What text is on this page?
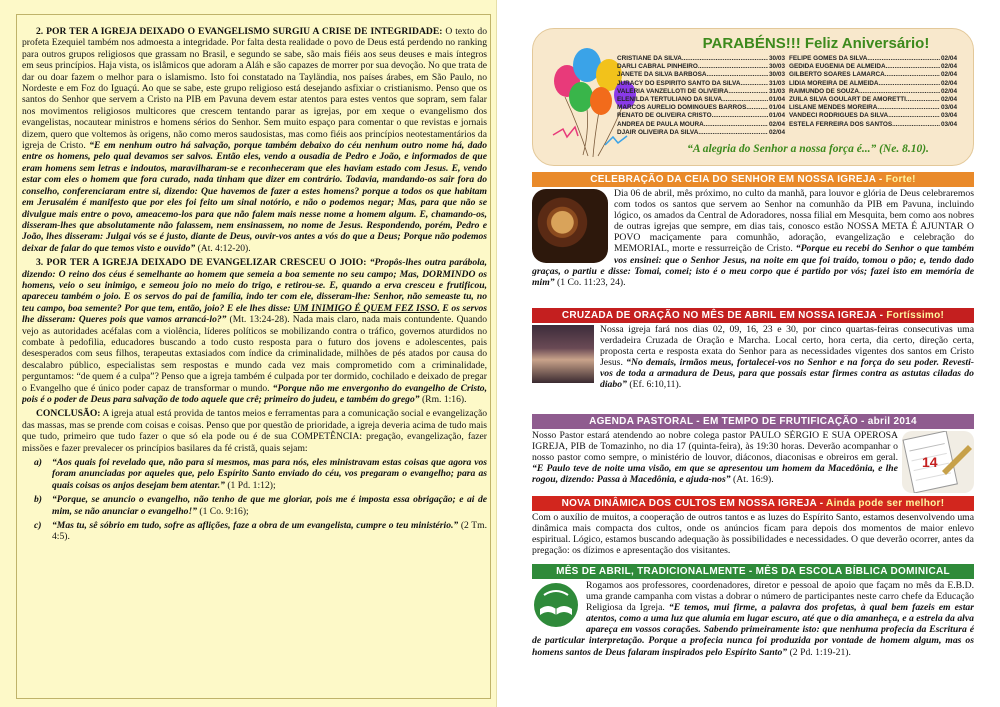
2. POR TER A IGREJA DEIXADO O EVANGELISMO SURGIU A CRISE DE INTEGRIDADE: O texto do profeta Ezequiel também nos admoesta a integridade. Por falta desta realidade o povo de Deus está perdendo no ranking para outros grupos religiosos que grassam no Brasil, e segundo se sabe, são mais fiéis aos seus deuses e mais íntegros em seus princípios. Haja vista, os islâmicos que adoram a Aláh e são capazes de morrer por sua devoção. No que trata de dar ou doar fazem o melhor para o islamismo. Isto foi constatado na Tayländia, nos países árabes, em São Paulo, no Nordeste e em Foz do Iguaçú. Ao que se sabe, este grupo religioso está desejando asfixiar o cristianismo. Penso que os santos do Senhor que servem a Cristo na PIB em Pavuna devem estar atentos para estes ventos que sopram, sem falar nos movimentos religiosos multicores que crescem tentando parar as igrejas, por em xeque o evangelismo dos evangelistas, nocautear ministros e homens sérios do Senhor. Sem muito espaço para comentar o que revistas e jornais dizem, quero que voltemos às origens, não como meros saudosistas, mas como fiéis aos princípios neotestamentários da igreja de Cristo. “E em nenhum outro há salvação, porque também debaixo do céu nenhum outro nome há, dado entre os homens, pelo qual devamos ser salvos. Então eles, vendo a ousadia de Pedro e João, e informados de que eram homens sem letras e indoutos, maravilharam-se e reconheceram que eles haviam estado com Jesus. E, vendo estar com eles o homem que fora curado, nada tinham que dizer em contrário. Todavia, mandando-os sair fora do conselho, conferenciaram entre si, dizendo: Que havemos de fazer a estes homens? porque a todos os que habitam em Jerusalém é manifesto que por eles foi feito um sinal notório, e não o podemos negar; Mas, para que não se divulgue mais entre o povo, ameacemo-los para que não falem mais nesse nome a homem algum. E, chamando-os, disseram-lhes que absolutamente não falassem, nem ensinassem, no nome de Jesus. Respondendo, porém, Pedro e João, lhes disseram: Julgai vós se é justo, diante de Deus, ouvir-vos antes a vós do que a Deus; Porque não podemos deixar de falar do que temos visto e ouvido” (At. 4:12-20).

3. POR TER A IGREJA DEIXADO DE EVANGELIZAR CRESCEU O JOIO: “Propôs-lhes outra parábola, dizendo: O reino dos céus é semelhante ao homem que semeia a boa semente no seu campo; Mas, DORMINDO os homens, veio o seu inimigo, e semeou joio no meio do trigo, e retirou-se. E, quando a erva cresceu e frutificou, apareceu também o joio. E os servos do pai de família, indo ter com ele, disseram-lhe: Senhor, não semeaste tu, no teu campo, boa semente? Por que tem, então, joio? E ele lhes disse: UM INIMIGO É QUEM FEZ ISSO. E os servos lhe disseram: Queres pois que vamos arrancá-lo?” (Mt. 13:24-28). Nada mais claro, nada mais contundente. Quando vejo as autoridades acéfalas com a violência, líderes políticos se mobilizando contra o tráfico, governos aturdidos no combate à pedofilia, educadores buscando a todo custo resposta para o futuro dos jovens e adolescentes, pais desesperados com seus filhos, terapeutas extasiados com índice da criminalidade, milhões de pés atados por causa do descalabro público, especialistas sem respostas e mundo cada vez mais comprometido com a criminalidade, perguntamos: “de quem é a culpa”? Penso que a igreja também é culpada por ter dormido, cochilado e deixado de pregar o Evangelho que é único poder capaz de transformar o mundo. “Porque não me envergonho do evangelho de Cristo, pois é o poder de Deus para salvação de todo aquele que crê; primeiro do judeu, e também do grego” (Rm. 1:16).

CONCLUSÃO: A igreja atual está provida de tantos meios e ferramentas para a comunicação social e evangelização das massas, mas se prende com coisas e coisas. Penso que por questão de prioridade, a igreja deveria acima de tudo mais que tudo, primeiro que tudo fazer o que só ela pode ou é de sua COMPETÊNCIA: pregação, evangelização, fazer missões e fazer prevalecer os princípios basilares da fé cristã, quais sejam:

a)	“Aos quais foi revelado que, não para si mesmos, mas para nós, eles ministravam estas coisas que agora vos foram anunciadas por aqueles que, pelo Espírito Santo enviado do céu, vos pregaram o evangelho; para as quais coisas os anjos desejam bem atentar.” (1 Pd. 1:12);
b)	“Porque, se anuncio o evangelho, não tenho de que me gloriar, pois me é imposta essa obrigação; e ai de mim, se não anunciar o evangelho!” (1 Co. 9:16);
c)	“Mas tu, sê sóbrio em tudo, sofre as aflições, faze a obra de um evangelista, cumpre o teu ministério.” (2 Tm. 4:5).
PARABÉNS!!! Feliz Aniversário!
CRISTIANE DA SILVA .....	30/03
DARLI CABRAL PINHEIRO .....	30/03
JANETE DA SILVA BARBOSA .....	30/03
JURACY DO ESPÍRITO SANTO DA SILVA .....	31/03
VALÉRIA VANZELLOTI DE OLIVEIRA .....	31/03
ELENILDA TERTULIANO DA SILVA .....	01/04
MARCOS AURÉLIO DOMINGUES BARROS .....	01/04
RENATO DE OLIVEIRA CRISTO .....	01/04
ANDREA DE PAULA MOURA .....	02/04
DJAIR OLIVEIRA DA SILVA .....	02/04
FELIPE GOMES DA SILVA .....	02/04
GEDIDA EUGÊNIA DE ALMEIDA .....	02/04
GILBERTO SOARES LAMARCA .....	02/04
LÍDIA MOREIRA DE ALMEIDA .....	02/04
RAIMUNDO DE SOUZA .....	02/04
ZUILA SILVA GOULART DE AMORETTI .....	02/04
LISLANE MENDES MOREIRA .....	03/04
VANDECI RODRIGUES DA SILVA .....	03/04
ESTELA FERREIRA DOS SANTOS .....	03/04
“A alegria do Senhor a nossa força é...” (Ne. 8.10).
CELEBRAÇÃO DA CEIA DO SENHOR EM NOSSA IGREJA - Forte!
Dia 06 de abril, mês próximo, no culto da manhã, para louvor e glória de Deus celebraremos com todos os santos que servem ao Senhor na comunhão da PIB em Pavuna, incluindo lógico, os amados da Central de Adoradores, nossa filial em Mesquita, bem como aos nobres de outras igrejas que sempre, em dias tais, conosco estão NOSSA META É AJUNTAR O POVO maciçamente para comunhão, adoração, evangelização e celebração do MEMORIAL, morte e ressurreição de Cristo. “Porque eu recebi do Senhor o que também vos ensinei: que o Senhor Jesus, na noite em que foi traído, tomou o pão; e, tendo dado graças, o partiu e disse: Tomai, comei; isto é o meu corpo que é partido por vós; fazei isto em memória de mim” (1 Co. 11:23, 24).
CRUZADA DE ORAÇÃO NO MÊS DE ABRIL EM NOSSA IGREJA - Fortíssimo!
Nossa igreja fará nos dias 02, 09, 16, 23 e 30, por cinco quartas-feiras consecutivas uma verdadeira Cruzada de Oração e Marcha. Local certo, hora certa, dia certo, direção certa, proposta certa e resposta exata do Senhor para as necessidades vigentes dos santos em Cristo Jesus. “No demais, irmãos meus, fortalecei-vos no Senhor e na força do seu poder. Revesti-vos de toda a armadura de Deus, para que possais estar firmes contra as astutas ciladas do diabo” (Ef. 6:10,11).
AGENDA PASTORAL - EM TEMPO DE FRUTIFICAÇÃO - abril 2014
14
Nosso Pastor estará atendendo ao nobre colega pastor PAULO SÉRGIO E SUA OPEROSA IGREJA, PIB de Tomazinho, no dia 17 (quinta-feira), às 19:30 horas. Deverão acompanhar o nosso pastor como sempre, o ministério de louvor, diáconos, diaconisas e obreiros em geral. “E Paulo teve de noite uma visão, em que se apresentou um homem da Macedônia, e lhe rogou, dizendo: Passa à Macedônia, e ajuda-nos” (At. 16:9).
NOVA DINÂMICA DOS CULTOS EM NOSSA IGREJA - Ainda pode ser melhor!
Com o auxílio de muitos, a cooperação de outros tantos e as luzes do Espírito Santo, estamos desenvolvendo uma dinâmica mais compacta dos cultos, onde os anúncios ficam para depois dos momentos de maior enlevo espiritual. Lógico, estamos buscando adequação às possibilidades e necessidades. O que deverão ocorrer, antes da pregação: os dízimos e apresentação dos visitantes.
MÊS DE ABRIL, TRADICIONALMENTE - MÊS DA ESCOLA BÍBLICA DOMINICAL
Rogamos aos professores, coordenadores, diretor e pessoal de apoio que façam no mês da E.B.D. uma grande campanha com vistas a dobrar o número de participantes neste carro chefe da Educação Religiosa da Igreja. “E temos, mui firme, a palavra dos profetas, à qual bem fazeis em estar atentos, como a uma luz que alumia em lugar escuro, até que o dia amanheça, e a estrela da alva apareça em vossos corações. Sabendo primeiramente isto: que nenhuma profecia da Escritura é de particular interpretação. Porque a profecia nunca foi produzida por vontade de homem algum, mas os homens santos de Deus falaram inspirados pelo Espírito Santo” (2 Pd. 1:19-21).
